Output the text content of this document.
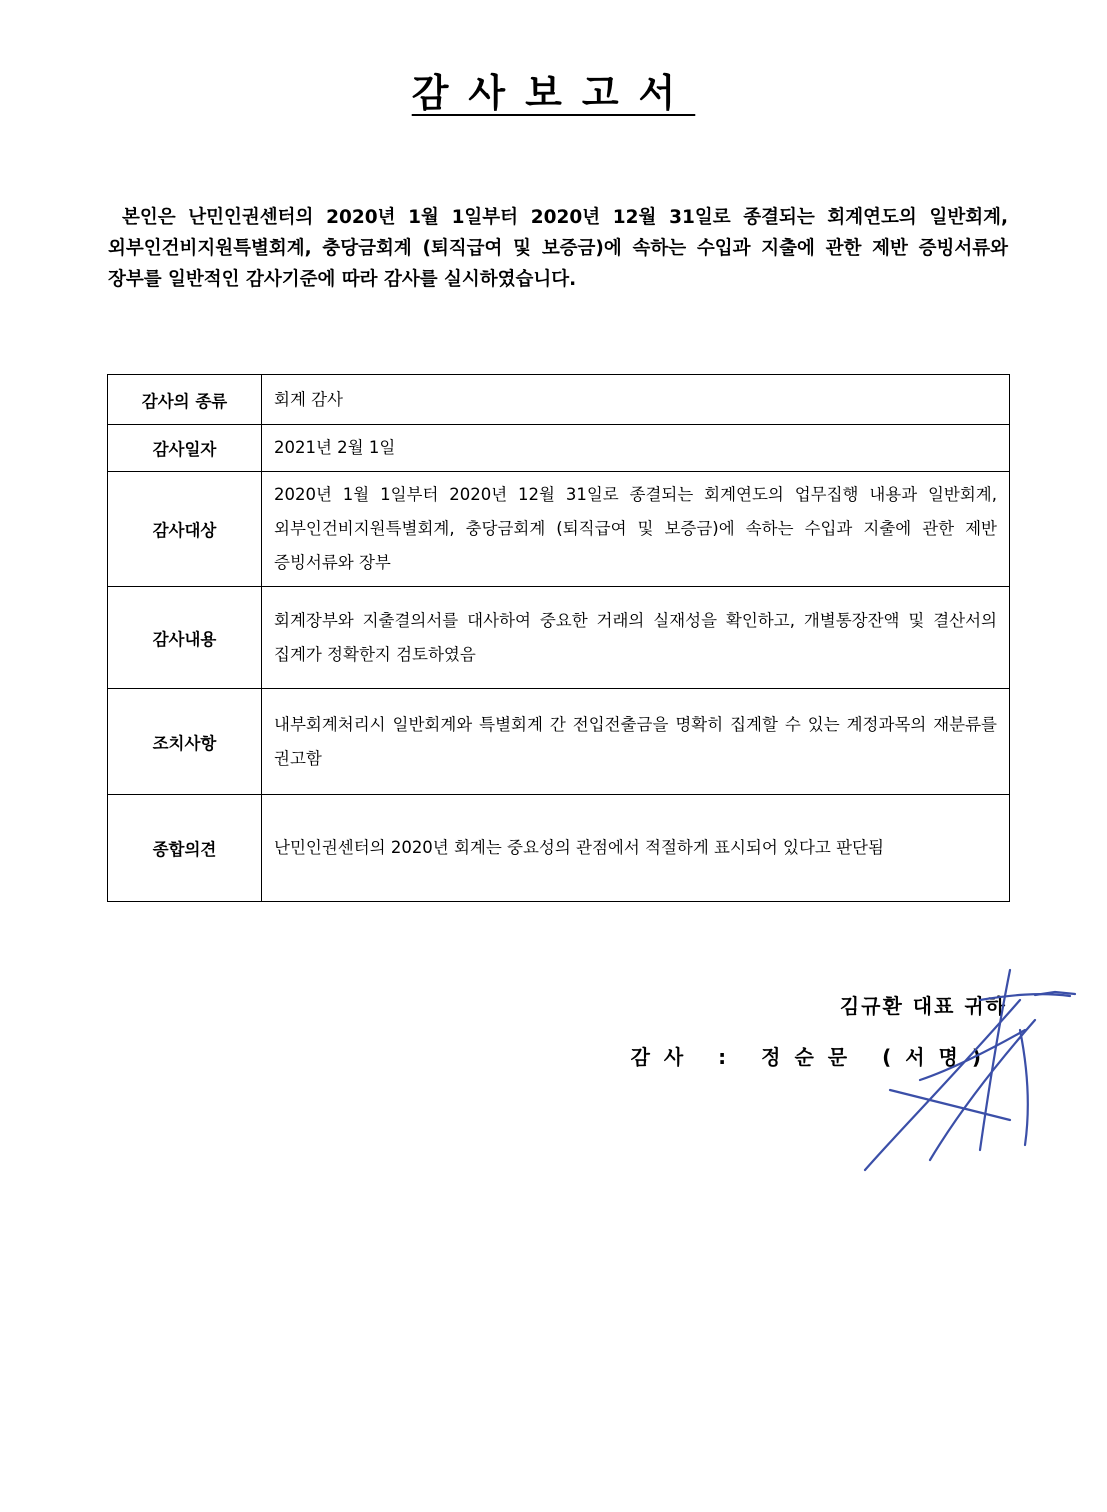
감사보고서

본인은 난민인권센터의 2020년 1월 1일부터 2020년 12월 31일로 종결되는 회계연도의 일반회계, 외부인건비지원특별회계, 충당금회계 (퇴직급여 및 보증금)에 속하는 수입과 지출에 관한 제반 증빙서류와 장부를 일반적인 감사기준에 따라 감사를 실시하였습니다.

감사의 종류	회계 감사
감사일자	2021년 2월 1일
감사대상	2020년 1월 1일부터 2020년 12월 31일로 종결되는 회계연도의 업무집행 내용과 일반회계, 외부인건비지원특별회계, 충당금회계 (퇴직급여 및 보증금)에 속하는 수입과 지출에 관한 제반 증빙서류와 장부
감사내용	회계장부와 지출결의서를 대사하여 중요한 거래의 실재성을 확인하고, 개별통장잔액 및 결산서의 집계가 정확한지 검토하였음
조치사항	내부회계처리시 일반회계와 특별회계 간 전입전출금을 명확히 집계할 수 있는 계정과목의 재분류를 권고함
종합의견	난민인권센터의 2020년 회계는 중요성의 관점에서 적절하게 표시되어 있다고 판단됨
김규환 대표 귀하
감사 : 정순문 (서명)
